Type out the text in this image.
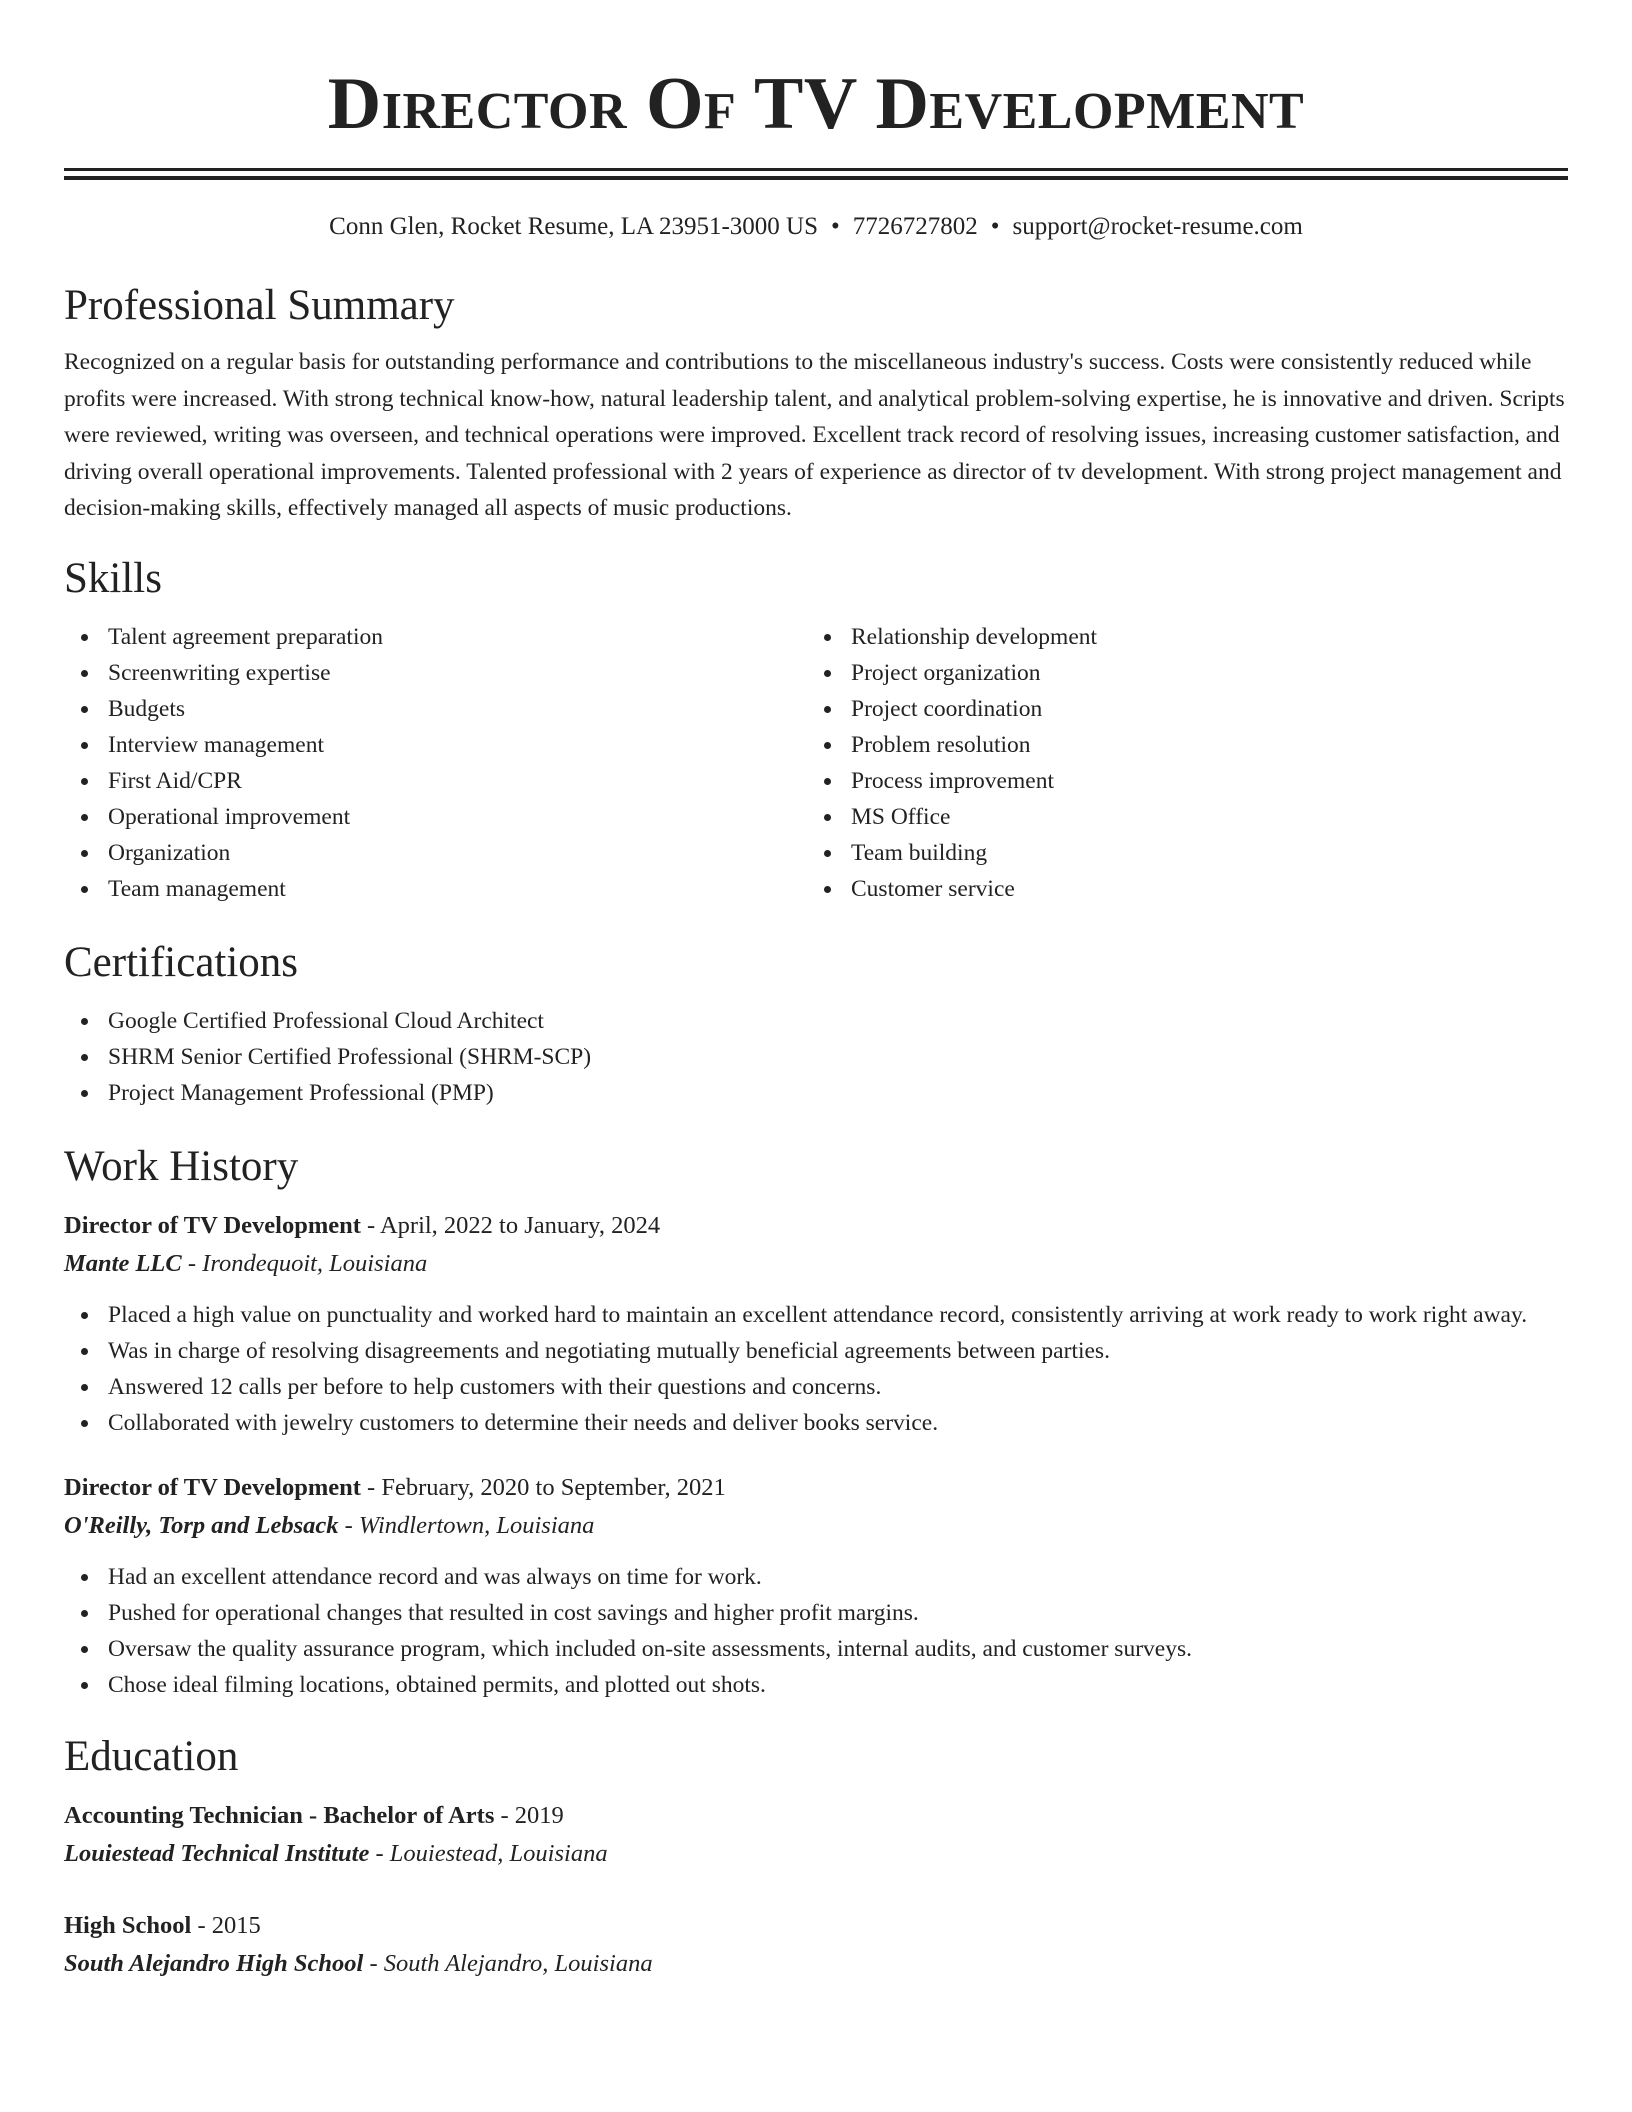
Director Of TV Development
Conn Glen, Rocket Resume, LA 23951-3000 US • 7726727802 • support@rocket-resume.com
Professional Summary

Recognized on a regular basis for outstanding performance and contributions to the miscellaneous industry's success. Costs were consistently reduced while profits were increased. With strong technical know-how, natural leadership talent, and analytical problem-solving expertise, he is innovative and driven. Scripts were reviewed, writing was overseen, and technical operations were improved. Excellent track record of resolving issues, increasing customer satisfaction, and driving overall operational improvements. Talented professional with 2 years of experience as director of tv development. With strong project management and decision-making skills, effectively managed all aspects of music productions.

Skills
Talent agreement preparation
Screenwriting expertise
Budgets
Interview management
First Aid/CPR
Operational improvement
Organization
Team management
Relationship development
Project organization
Project coordination
Problem resolution
Process improvement
MS Office
Team building
Customer service
Certifications
Google Certified Professional Cloud Architect
SHRM Senior Certified Professional (SHRM-SCP)
Project Management Professional (PMP)
Work History
Director of TV Development - April, 2022 to January, 2024
Mante LLC - Irondequoit, Louisiana
Placed a high value on punctuality and worked hard to maintain an excellent attendance record, consistently arriving at work ready to work right away.
Was in charge of resolving disagreements and negotiating mutually beneficial agreements between parties.
Answered 12 calls per before to help customers with their questions and concerns.
Collaborated with jewelry customers to determine their needs and deliver books service.
Director of TV Development - February, 2020 to September, 2021
O'Reilly, Torp and Lebsack - Windlertown, Louisiana
Had an excellent attendance record and was always on time for work.
Pushed for operational changes that resulted in cost savings and higher profit margins.
Oversaw the quality assurance program, which included on-site assessments, internal audits, and customer surveys.
Chose ideal filming locations, obtained permits, and plotted out shots.
Education
Accounting Technician - Bachelor of Arts - 2019
Louiestead Technical Institute - Louiestead, Louisiana
High School - 2015
South Alejandro High School - South Alejandro, Louisiana
